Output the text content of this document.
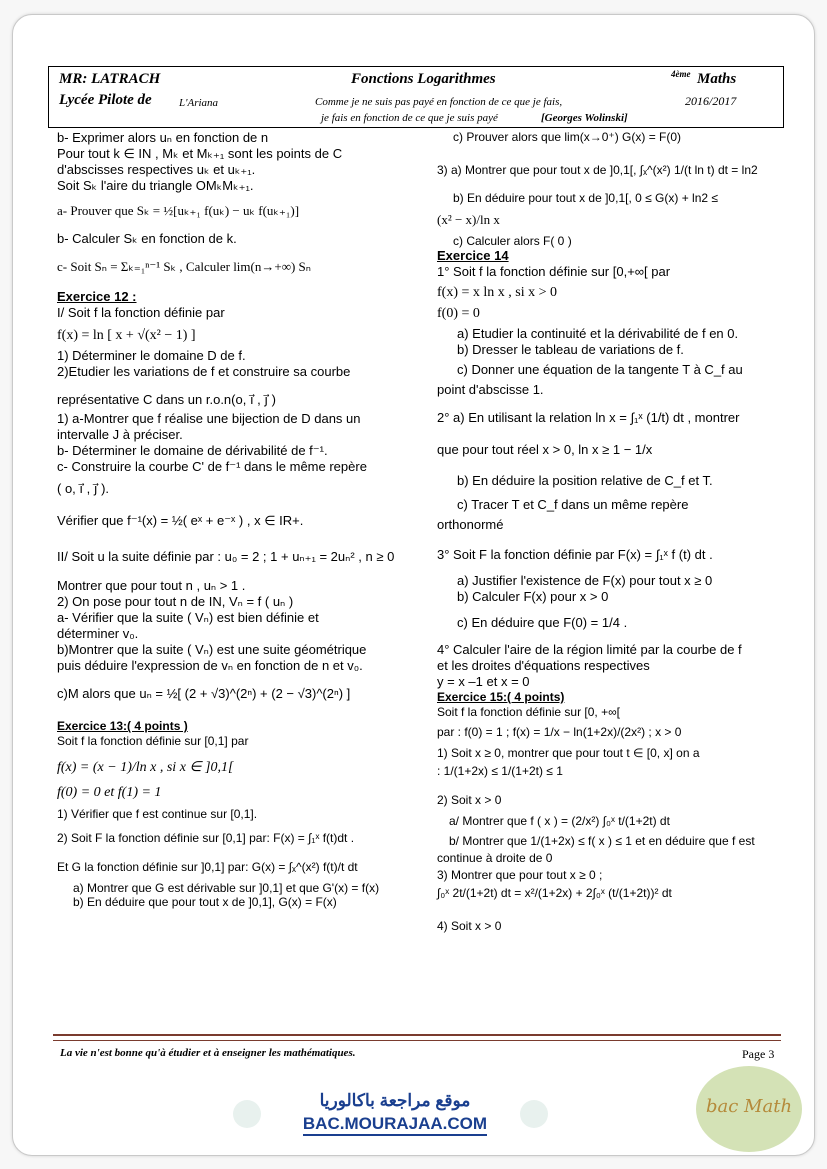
MR: LATRACH
Lycée Pilote de L'Ariana
Fonctions Logarithmes
Comme je ne suis pas payé en fonction de ce que je fais,
je fais en fonction de ce que je suis payé	[Georges Wolinski]
4ème Maths
2016/2017

b- Exprimer alors uₙ en fonction de n

Pour tout k ∈ IN , Mₖ et Mₖ₊₁ sont les points de C

d'abscisses respectives uₖ et uₖ₊₁.

Soit Sₖ l'aire du triangle OMₖMₖ₊₁.

a- Prouver que Sₖ = ½[uₖ₊₁ f(uₖ) − uₖ f(uₖ₊₁)]

b- Calculer Sₖ en fonction de k.

c- Soit Sₙ = Σₖ₌₁ⁿ⁻¹ Sₖ , Calculer lim(n→+∞) Sₙ

Exercice 12 :

I/ Soit f la fonction définie par

f(x) = ln [ x + √(x² − 1) ]

1) Déterminer le domaine D de f.

2)Etudier les variations de f et construire sa courbe

représentative C dans un r.o.n(o, i⃗ , j⃗ )

1) a-Montrer que f réalise une bijection de D dans un

intervalle J à préciser.

b- Déterminer le domaine de dérivabilité de f⁻¹.

c- Construire la courbe C' de f⁻¹ dans le même repère

( o, i⃗ , j⃗ ).

Vérifier que f⁻¹(x) = ½( eˣ + e⁻ˣ ) , x ∈ IR+.

II/ Soit u la suite définie par : u₀ = 2 ; 1 + uₙ₊₁ = 2uₙ² , n ≥ 0

Montrer que pour tout n , uₙ > 1 .

2) On pose pour tout n de IN, Vₙ = f ( uₙ )

a- Vérifier que la suite ( Vₙ) est bien définie et

déterminer v₀.

b)Montrer que la suite ( Vₙ) est une suite géométrique

puis déduire l'expression de vₙ en fonction de n et v₀.

c)M alors que uₙ = ½[ (2 + √3)^(2ⁿ) + (2 − √3)^(2ⁿ) ]

Exercice 13:( 4 points )

Soit f la fonction définie sur [0,1] par

f(x) = (x − 1)/ln x , si x ∈ ]0,1[

f(0) = 0 et f(1) = 1

1) Vérifier que f est continue sur [0,1].

2) Soit F la fonction définie sur [0,1] par: F(x) = ∫₁ˣ f(t)dt .

Et G la fonction définie sur ]0,1] par: G(x) = ∫ₓ^(x²) f(t)/t dt

a) Montrer que G est dérivable sur ]0,1] et que G'(x) = f(x)

b) En déduire que pour tout x de ]0,1], G(x) = F(x)

c) Prouver alors que lim(x→0⁺) G(x) = F(0)

3) a) Montrer que pour tout x de ]0,1[, ∫ₓ^(x²) 1/(t ln t) dt = ln2

b) En déduire pour tout x de ]0,1[, 0 ≤ G(x) + ln2 ≤

(x² − x)/ln x

c) Calculer alors F( 0 )

Exercice 14

1° Soit f la fonction définie sur [0,+∞[ par

f(x) = x ln x , si x > 0

f(0) = 0

a) Etudier la continuité et la dérivabilité de f en 0.

b) Dresser le tableau de variations de f.

c) Donner une équation de la tangente T à C_f au

point d'abscisse 1.

2° a) En utilisant la relation ln x = ∫₁ˣ (1/t) dt , montrer

que pour tout réel x > 0, ln x ≥ 1 − 1/x

b) En déduire la position relative de C_f et T.

c) Tracer T et C_f dans un même repère

orthonormé

3° Soit F la fonction définie par F(x) = ∫₁ˣ f (t) dt .

a) Justifier l'existence de F(x) pour tout x ≥ 0

b) Calculer F(x) pour x > 0

c) En déduire que F(0) = 1/4 .

4° Calculer l'aire de la région limité par la courbe de f

et les droites d'équations respectives

y = x –1 et x = 0

Exercice 15:( 4 points)

Soit f la fonction définie sur [0, +∞[

par : f(0) = 1 ; f(x) = 1/x − ln(1+2x)/(2x²) ; x > 0

1) Soit x ≥ 0, montrer que pour tout t ∈ [0, x] on a

: 1/(1+2x) ≤ 1/(1+2t) ≤ 1

2) Soit x > 0

a/ Montrer que f ( x ) = (2/x²) ∫₀ˣ t/(1+2t) dt

b/ Montrer que 1/(1+2x) ≤ f( x ) ≤ 1 et en déduire que f est

continue à droite de 0

3) Montrer que pour tout x ≥ 0 ;

∫₀ˣ 2t/(1+2t) dt = x²/(1+2x) + 2∫₀ˣ (t/(1+2t))² dt

4) Soit x > 0

La vie n'est bonne qu'à étudier et à enseigner les mathématiques.	Page 3
موقع مراجعة باكالوريا
BAC.MOURAJAA.COM
bac Math
